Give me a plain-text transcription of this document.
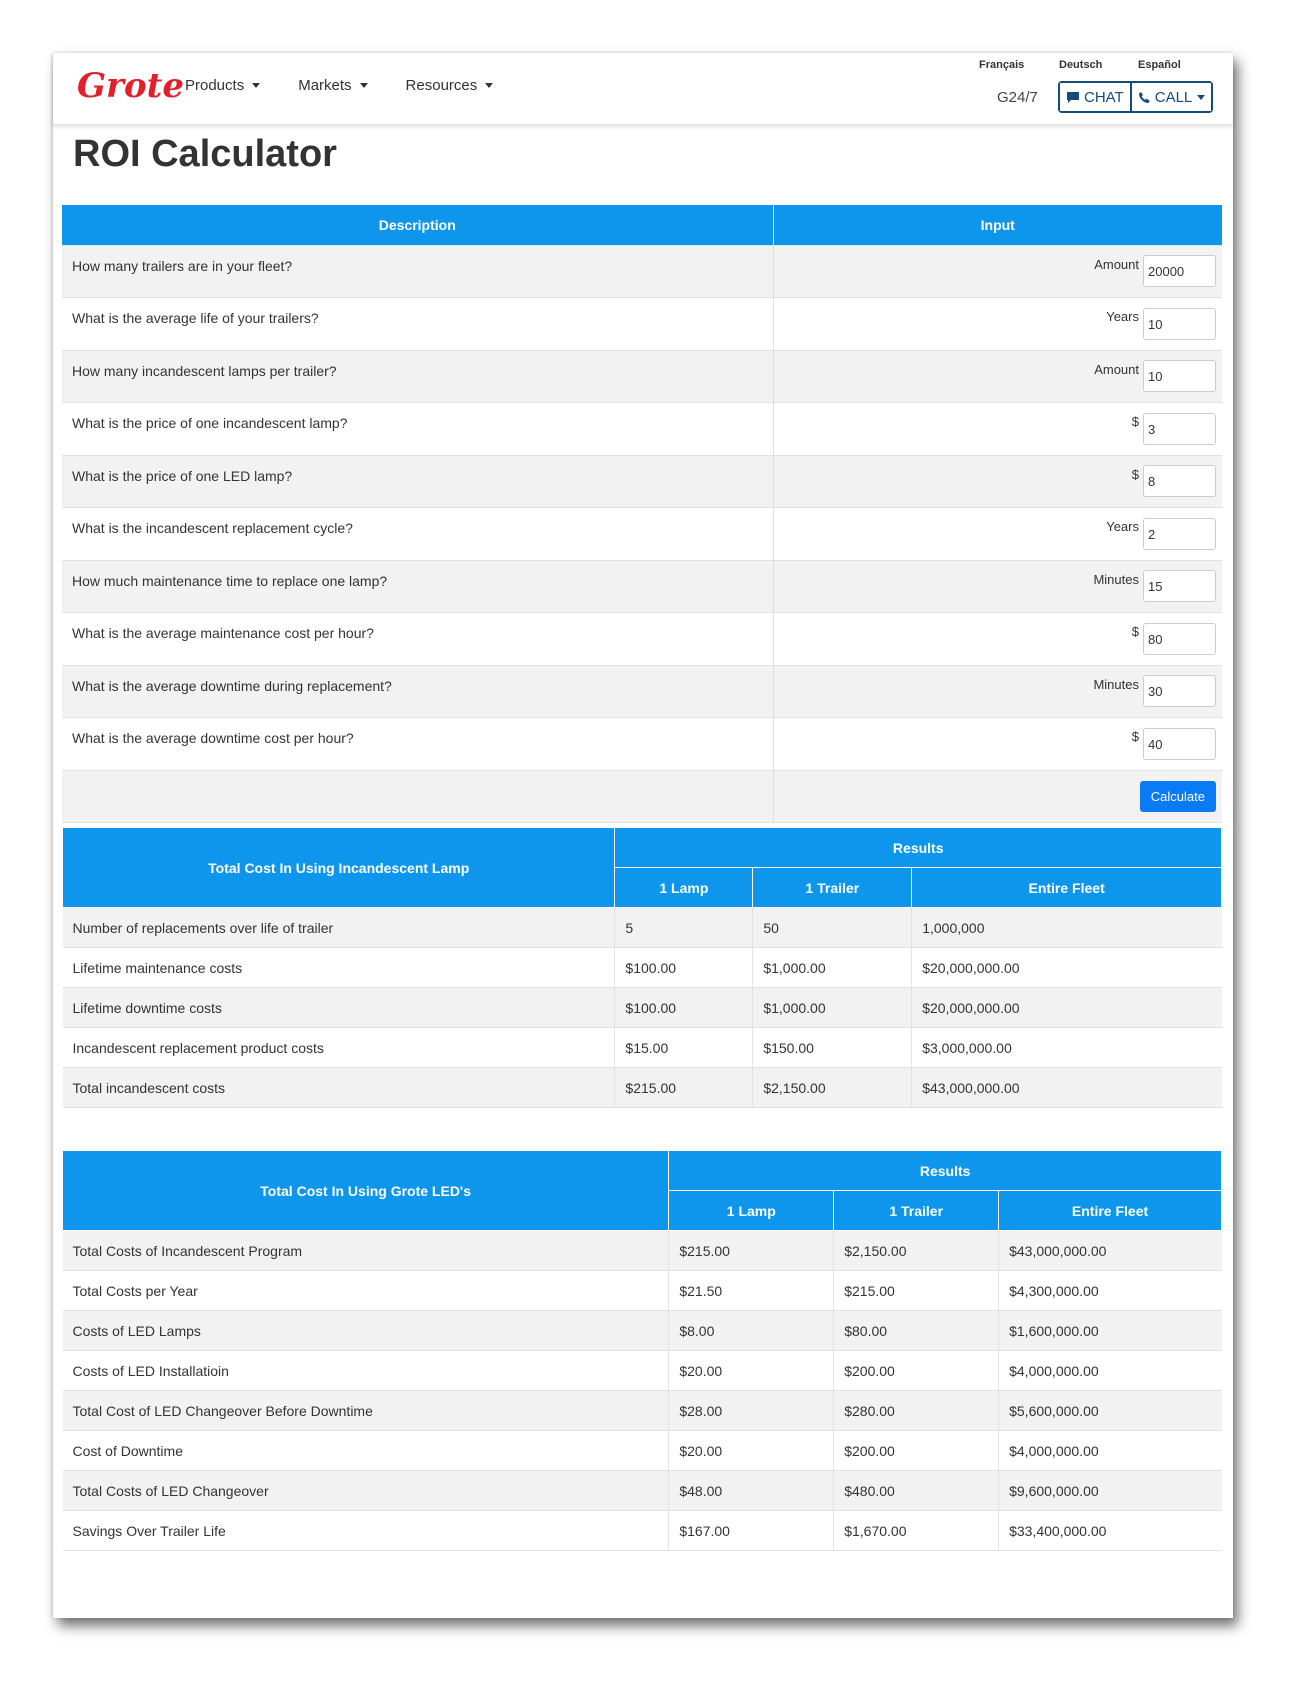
Grote Products	Markets	Resources
Français	Deutsch	Español
G24/7	CHAT CALL
ROI Calculator
Description	Input
How many trailers are in your fleet?	Amount 20000
What is the average life of your trailers?	Years 10
How many incandescent lamps per trailer?	Amount 10
What is the price of one incandescent lamp?	$ 3
What is the price of one LED lamp?	$ 8
What is the incandescent replacement cycle?	Years 2
How much maintenance time to replace one lamp?	Minutes 15
What is the average maintenance cost per hour?	$ 80
What is the average downtime during replacement?	Minutes 30
What is the average downtime cost per hour?	$ 40
	Calculate
Total Cost In Using Incandescent Lamp	Results		
	1 Lamp	1 Trailer	Entire Fleet
Number of replacements over life of trailer	5	50	1,000,000
Lifetime maintenance costs	$100.00	$1,000.00	$20,000,000.00
Lifetime downtime costs	$100.00	$1,000.00	$20,000,000.00
Incandescent replacement product costs	$15.00	$150.00	$3,000,000.00
Total incandescent costs	$215.00	$2,150.00	$43,000,000.00
Total Cost In Using Grote LED's	Results		
	1 Lamp	1 Trailer	Entire Fleet
Total Costs of Incandescent Program	$215.00	$2,150.00	$43,000,000.00
Total Costs per Year	$21.50	$215.00	$4,300,000.00
Costs of LED Lamps	$8.00	$80.00	$1,600,000.00
Costs of LED Installatioin	$20.00	$200.00	$4,000,000.00
Total Cost of LED Changeover Before Downtime	$28.00	$280.00	$5,600,000.00
Cost of Downtime	$20.00	$200.00	$4,000,000.00
Total Costs of LED Changeover	$48.00	$480.00	$9,600,000.00
Savings Over Trailer Life	$167.00	$1,670.00	$33,400,000.00
